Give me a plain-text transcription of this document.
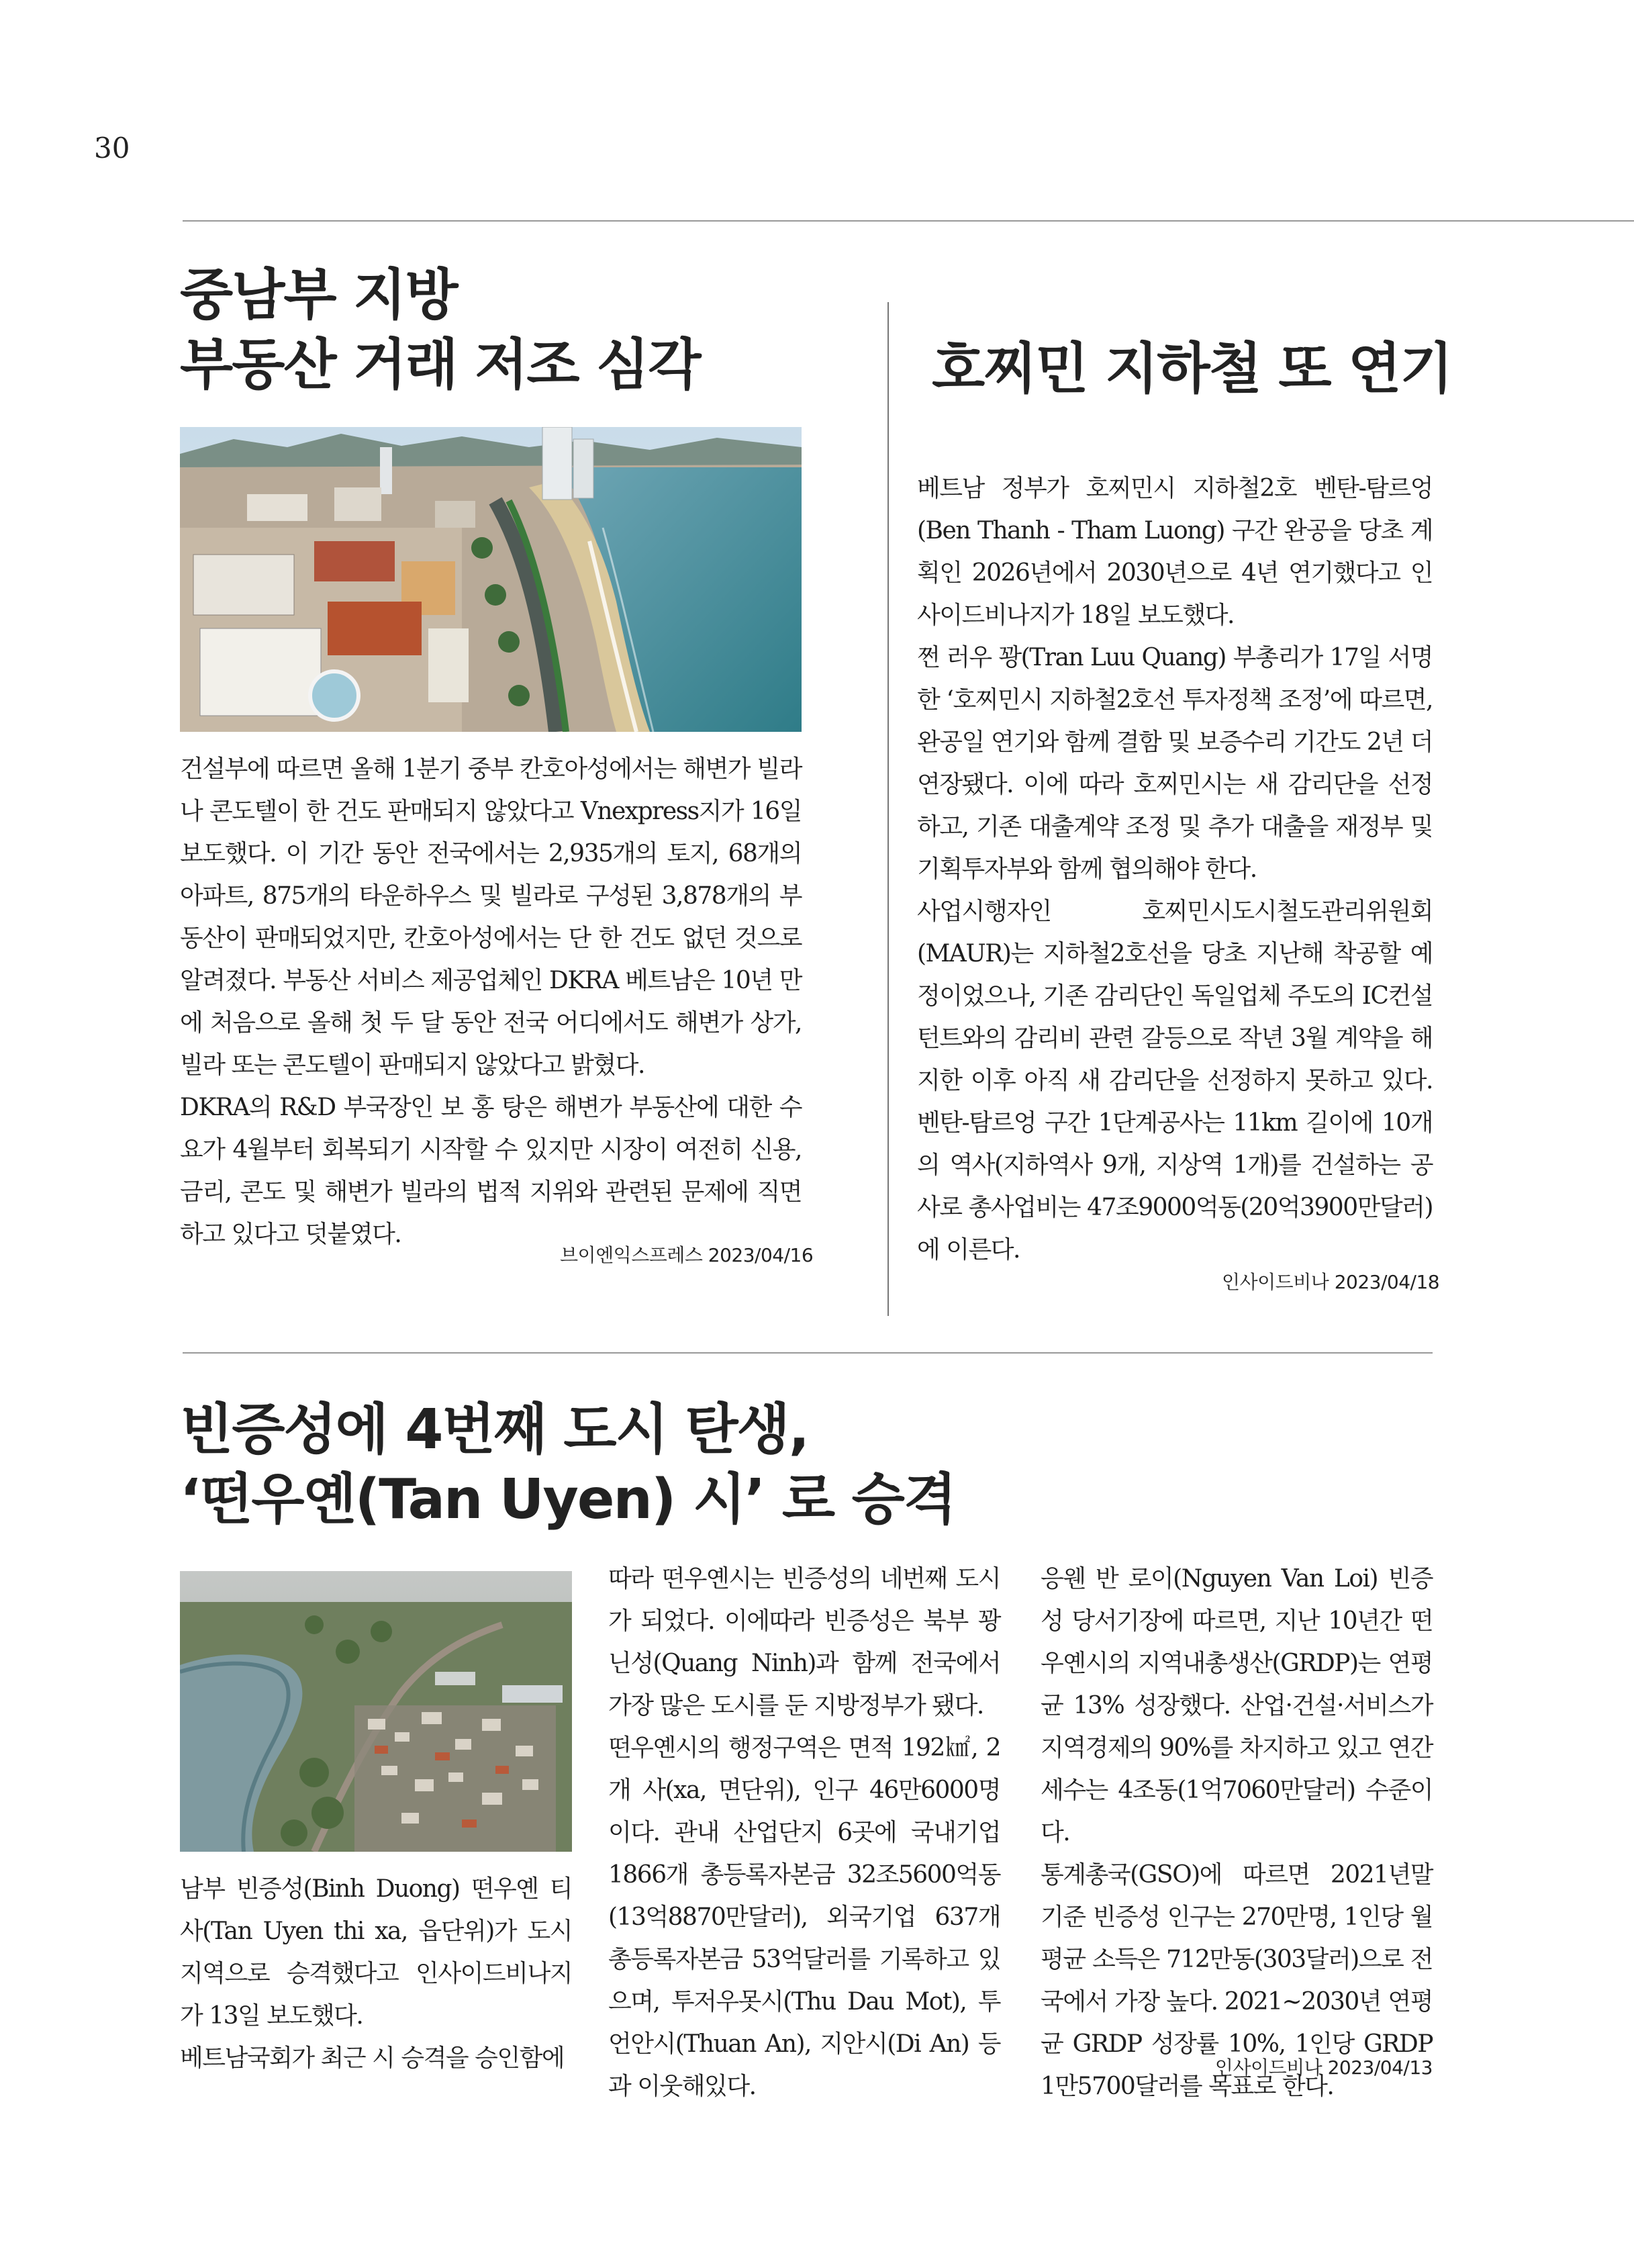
30
중남부 지방
부동산 거래 저조 심각

건설부에 따르면 올해 1분기 중부 칸호아성에서는 해변가 빌라나 콘도텔이 한 건도 판매되지 않았다고 Vnexpress지가 16일 보도했다. 이 기간 동안 전국에서는 2,935개의 토지, 68개의 아파트, 875개의 타운하우스 및 빌라로 구성된 3,878개의 부동산이 판매되었지만, 칸호아성에서는 단 한 건도 없던 것으로 알려졌다. 부동산 서비스 제공업체인 DKRA 베트남은 10년 만에 처음으로 올해 첫 두 달 동안 전국 어디에서도 해변가 상가, 빌라 또는 콘도텔이 판매되지 않았다고 밝혔다.

DKRA의 R&D 부국장인 보 홍 탕은 해변가 부동산에 대한 수요가 4월부터 회복되기 시작할 수 있지만 시장이 여전히 신용, 금리, 콘도 및 해변가 빌라의 법적 지위와 관련된 문제에 직면하고 있다고 덧붙였다.

브이엔익스프레스 2023/04/16
호찌민 지하철 또 연기

베트남 정부가 호찌민시 지하철2호 벤탄-탐르엉(Ben Thanh - Tham Luong) 구간 완공을 당초 계획인 2026년에서 2030년으로 4년 연기했다고 인사이드비나지가 18일 보도했다.

쩐 러우 꽝(Tran Luu Quang) 부총리가 17일 서명한 ‘호찌민시 지하철2호선 투자정책 조정’에 따르면, 완공일 연기와 함께 결함 및 보증수리 기간도 2년 더 연장됐다. 이에 따라 호찌민시는 새 감리단을 선정하고, 기존 대출계약 조정 및 추가 대출을 재정부 및 기획투자부와 함께 협의해야 한다.

사업시행자인 호찌민시도시철도관리위원회(MAUR)는 지하철2호선을 당초 지난해 착공할 예정이었으나, 기존 감리단인 독일업체 주도의 IC컨설턴트와의 감리비 관련 갈등으로 작년 3월 계약을 해지한 이후 아직 새 감리단을 선정하지 못하고 있다. 벤탄-탐르엉 구간 1단계공사는 11km 길이에 10개의 역사(지하역사 9개, 지상역 1개)를 건설하는 공사로 총사업비는 47조9000억동(20억3900만달러)에 이른다.

인사이드비나 2023/04/18
빈증성에 4번째 도시 탄생,
‘떤우옌(Tan Uyen) 시’ 로 승격

남부 빈증성(Binh Duong) 떤우옌 티사(Tan Uyen thi xa, 읍단위)가 도시지역으로 승격했다고 인사이드비나지가 13일 보도했다.

베트남국회가 최근 시 승격을 승인함에

따라 떤우옌시는 빈증성의 네번째 도시가 되었다. 이에따라 빈증성은 북부 꽝닌성(Quang Ninh)과 함께 전국에서 가장 많은 도시를 둔 지방정부가 됐다.

떤우옌시의 행정구역은 면적 192㎢, 2개 사(xa, 면단위), 인구 46만6000명이다. 관내 산업단지 6곳에 국내기업 1866개 총등록자본금 32조5600억동(13억8870만달러), 외국기업 637개 총등록자본금 53억달러를 기록하고 있으며, 투저우못시(Thu Dau Mot), 투언안시(Thuan An), 지안시(Di An) 등과 이웃해있다.

응웬 반 로이(Nguyen Van Loi) 빈증성 당서기장에 따르면, 지난 10년간 떤우옌시의 지역내총생산(GRDP)는 연평균 13% 성장했다. 산업·건설·서비스가 지역경제의 90%를 차지하고 있고 연간 세수는 4조동(1억7060만달러) 수준이다.

통계총국(GSO)에 따르면 2021년말 기준 빈증성 인구는 270만명, 1인당 월평균 소득은 712만동(303달러)으로 전국에서 가장 높다. 2021~2030년 연평균 GRDP 성장률 10%, 1인당 GRDP 1만5700달러를 목표로 한다.

인사이드비나 2023/04/13
